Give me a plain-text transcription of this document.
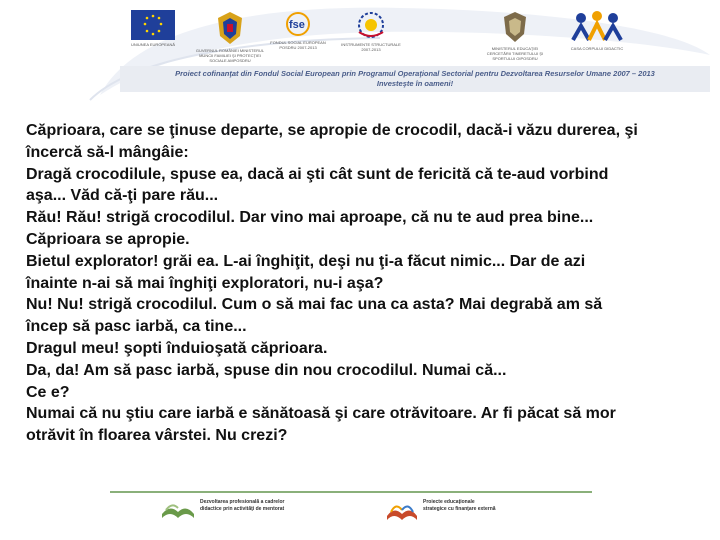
UNIUNEA EUROPEANĂ
GUVERNUL ROMÂNIEI MINISTERUL MUNCII FAMILIEI ŞI PROTECŢIEI SOCIALE AMPOSDRU
fse
FONDUL SOCIAL EUROPEAN POSDRU 2007-2013
INSTRUMENTE STRUCTURALE 2007-2013	MINISTERUL EDUCAŢIEI CERCETĂRII TINERETULUI ŞI SPORTULUI OIPOSDRU
CASA CORPULUI DIDACTIC
Proiect cofinanţat din Fondul Social European prin Programul Operaţional Sectorial pentru Dezvoltarea Resurselor Umane 2007 – 2013
Investeşte în oameni!

Căprioara, care se ţinuse departe, se apropie de crocodil, dacă-i văzu durerea, şi

încercă să-l mângâie:

Dragă crocodilule, spuse ea, dacă ai şti cât sunt de fericită că te-aud vorbind

aşa... Văd că-ţi pare rău...

Rău! Rău! strigă crocodilul. Dar vino mai aproape, că nu te aud prea bine...

Căprioara se apropie.

Bietul explorator! grăi ea. L-ai înghiţit, deşi nu ţi-a făcut nimic... Dar de azi

înainte n-ai să mai înghiţi exploratori, nu-i aşa?

Nu! Nu! strigă crocodilul. Cum o să mai fac una ca asta? Mai degrabă am să

încep să pasc iarbă, ca tine...

Dragul meu! şopti înduioşată căprioara.

Da, da! Am să pasc iarbă, spuse din nou crocodilul. Numai că...

Ce e?

Numai că nu ştiu care iarbă e sănătoasă şi care otrăvitoare. Ar fi păcat să mor

otrăvit în floarea vârstei. Nu crezi?

Dezvoltarea profesională a cadrelor
didactice prin activităţi de mentorat
Proiecte educaţionale
strategice cu finanţare externă
